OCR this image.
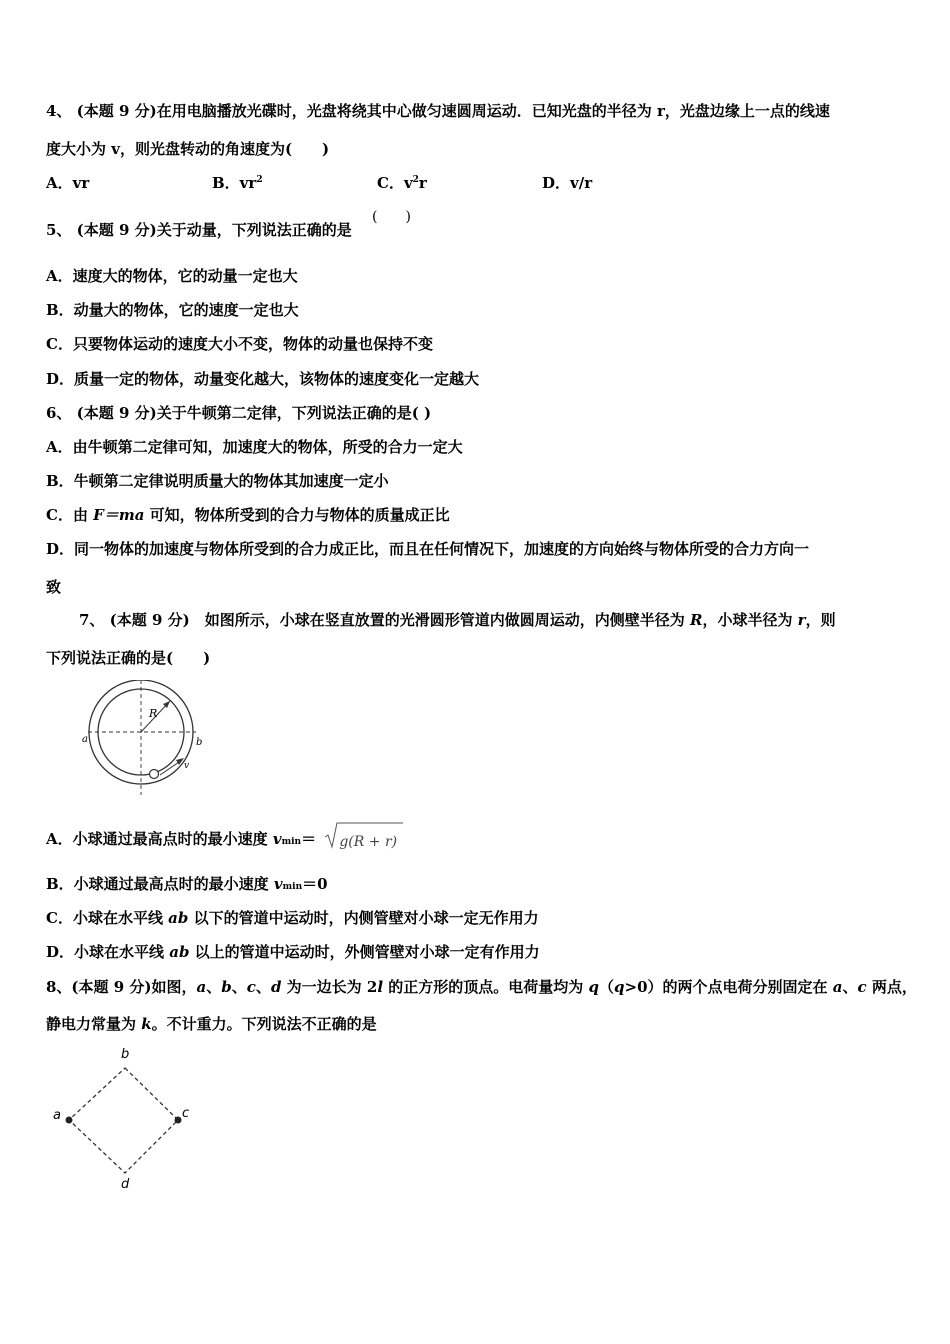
4、 (本题 9 分)在用电脑播放光碟时，光盘将绕其中心做匀速圆周运动．已知光盘的半径为 r，光盘边缘上一点的线速
度大小为 v，则光盘转动的角速度为(　　)
A．vr	B．$vr^2$	C．$v^2r$	D．v/r
5、 (本题 9 分)关于动量，下列说法正确的是
(　　)
A．速度大的物体，它的动量一定也大
B．动量大的物体，它的速度一定也大
C．只要物体运动的速度大小不变，物体的动量也保持不变
D．质量一定的物体，动量变化越大，该物体的速度变化一定越大
6、 (本题 9 分)关于牛顿第二定律，下列说法正确的是( )
A．由牛顿第二定律可知，加速度大的物体，所受的合力一定大
B．牛顿第二定律说明质量大的物体其加速度一定小
C．由 F＝ma 可知，物体所受到的合力与物体的质量成正比
D．同一物体的加速度与物体所受到的合力成正比，而且在任何情况下，加速度的方向始终与物体所受的合力方向一
致
7、 (本题 9 分)　如图所示，小球在竖直放置的光滑圆形管道内做圆周运动，内侧壁半径为 R，小球半径为 r，则
下列说法正确的是(　　)
R
a	b
v
A．小球通过最高点时的最小速度 vmin＝ g(R + r)
B．小球通过最高点时的最小速度 vmin＝0
C．小球在水平线 ab 以下的管道中运动时，内侧管壁对小球一定无作用力
D．小球在水平线 ab 以上的管道中运动时，外侧管壁对小球一定有作用力
8、(本题 9 分)如图，a、b、c、d 为一边长为 2l 的正方形的顶点。电荷量均为 q（q>0）的两个点电荷分别固定在 a、c 两点，
静电力常量为 k。不计重力。下列说法不正确的是
a
b
c
d
